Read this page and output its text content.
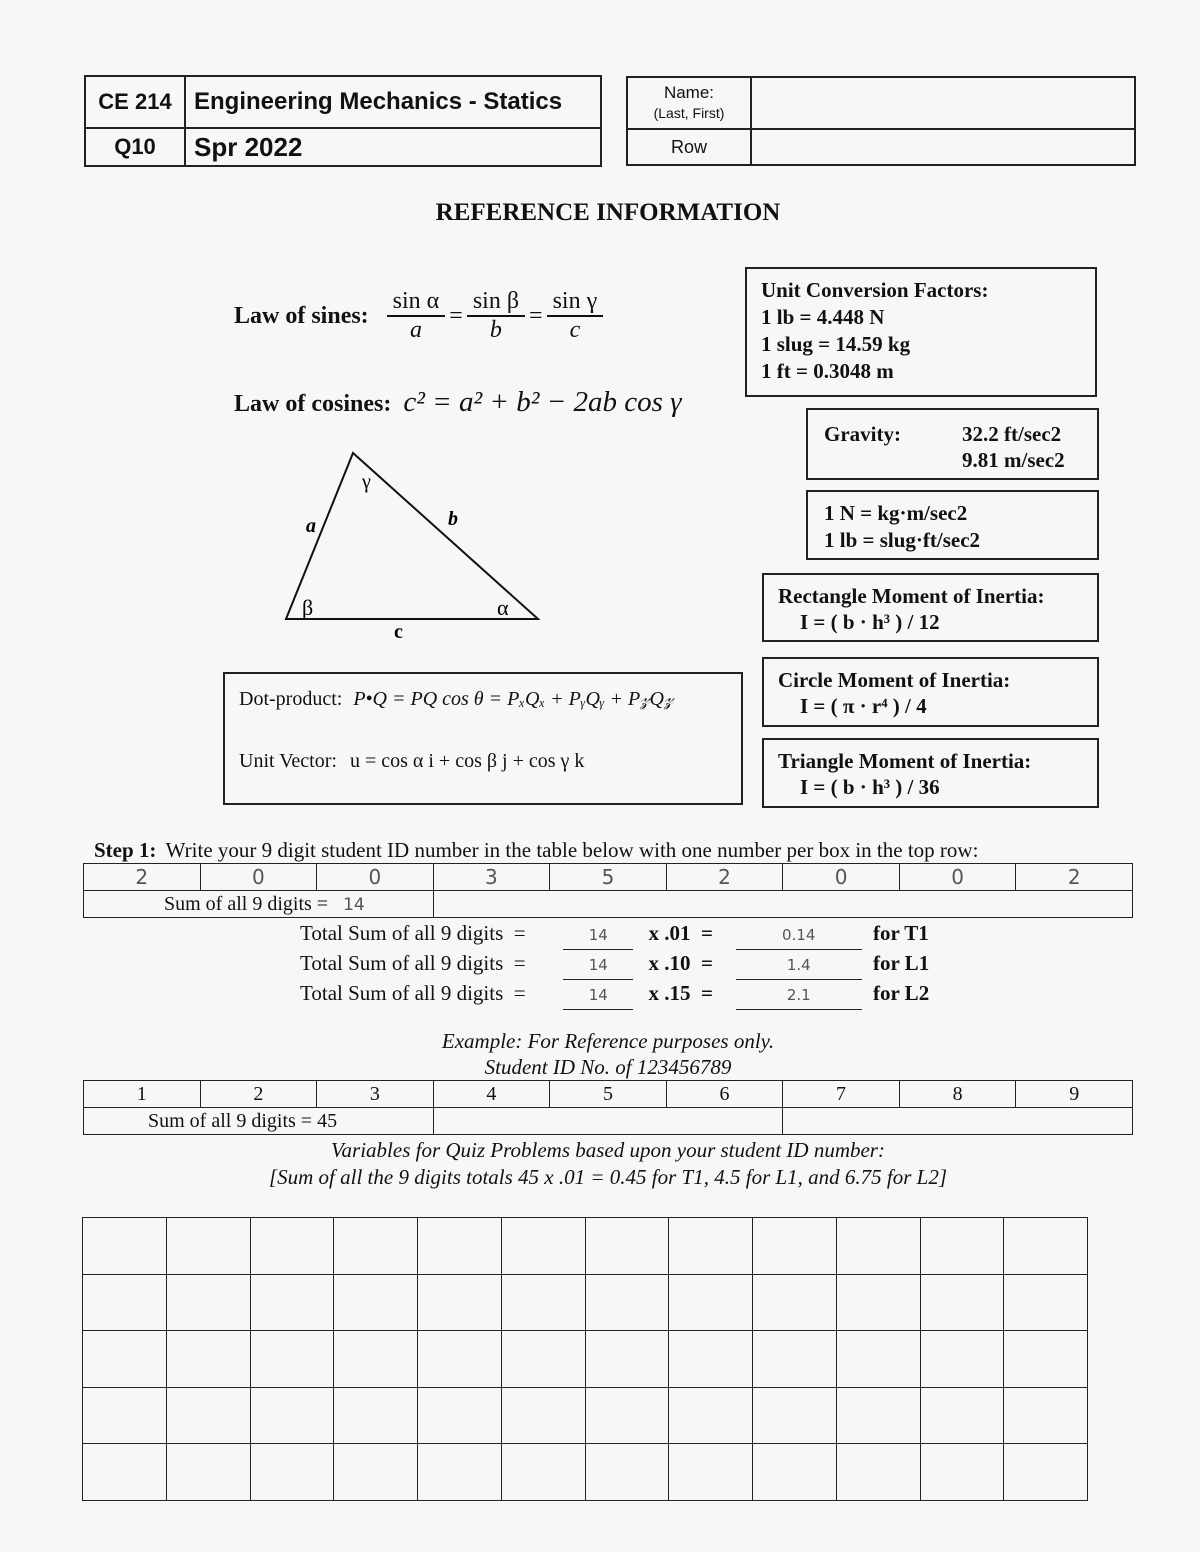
CE 214	Engineering Mechanics - Statics
Q10	Spr 2022
Name:
(Last, First)	

Row	
REFERENCE INFORMATION
Law of sines: $\frac{\text{sin α}}{a} = \frac{\text{sin β}}{b} = \frac{\text{sin γ}}{c}$
Law of cosines: c² = a² + b² − 2ab cos γ
γ
a	b
β	α
c
Dot-product: P•Q = PQ cos θ = PₓQₓ + PᵧQᵧ + P𝓏Q𝓏
Unit Vector: u = cos α i + cos β j + cos γ k
Unit Conversion Factors:
1 lb = 4.448 N
1 slug = 14.59 kg
1 ft = 0.3048 m
Gravity:	32.2 ft/sec2
9.81 m/sec2
1 N = kg·m/sec2
1 lb = slug·ft/sec2
Rectangle Moment of Inertia:
I = ( b · h³ ) / 12
Circle Moment of Inertia:
I = ( π · r⁴ ) / 4
Triangle Moment of Inertia:
I = ( b · h³ ) / 36
Step 1: Write your 9 digit student ID number in the table below with one number per box in the top row:
2	0	0	3	5	2	0	0	2
Sum of all 9 digits = 14								
Total Sum of all 9 digits  =	14 x .01  =	0.14	for T1
Total Sum of all 9 digits  =	14 x .10  =	1.4	for L1
Total Sum of all 9 digits  =	14 x .15  =	2.1	for L2
Example: For Reference purposes only.
Student ID No. of 123456789
1	2	3	4	5	6	7	8	9
Sum of all 9 digits = 45								
Variables for Quiz Problems based upon your student ID number:
[Sum of all the 9 digits totals 45 x .01 = 0.45 for T1, 4.5 for L1, and 6.75 for L2]
